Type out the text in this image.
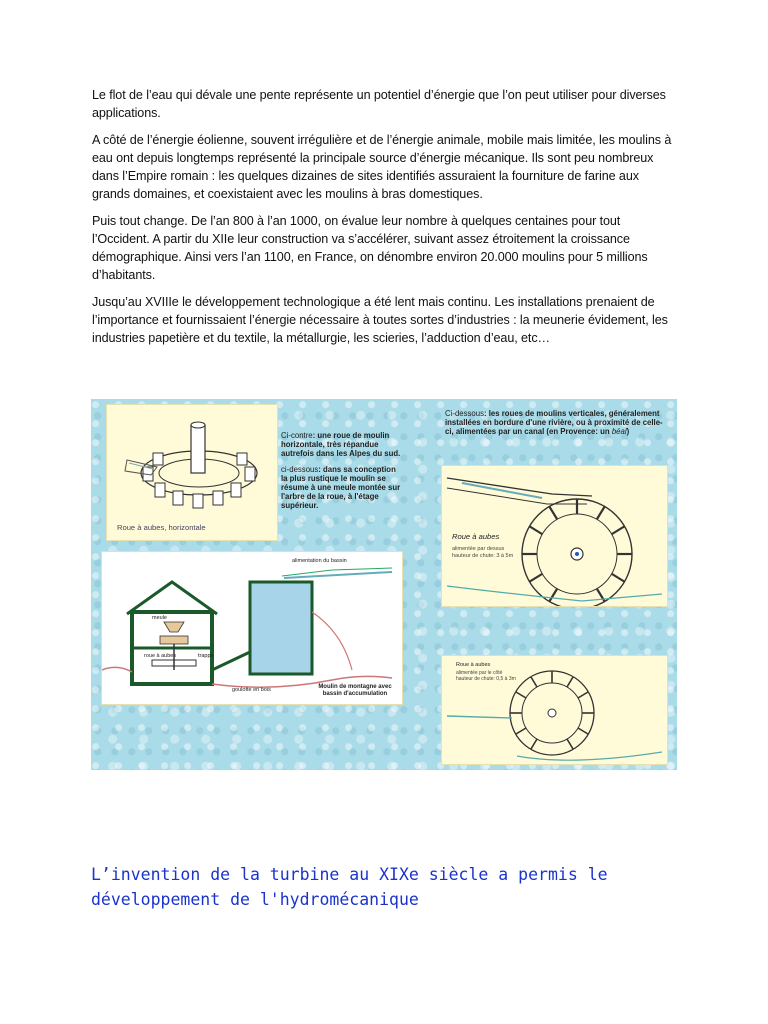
Le flot de l’eau qui dévale une pente représente un potentiel d’énergie que l’on peut utiliser pour diverses applications.

A côté de l’énergie éolienne, souvent irrégulière et de l’énergie animale, mobile mais limitée, les moulins à eau ont depuis longtemps représenté la principale source d’énergie mécanique. Ils sont peu nombreux dans l’Empire romain : les quelques dizaines de sites identifiés assuraient la fourniture de farine aux grands domaines, et coexistaient avec les moulins à bras domestiques.

Puis tout change. De l’an 800 à l’an 1000, on évalue leur nombre à quelques centaines pour tout l’Occident. A partir du XIIe leur construction va s’accélérer, suivant assez étroitement la croissance démographique. Ainsi vers l’an 1100, en France, on dénombre environ 20.000 moulins pour 5 millions d’habitants.

Jusqu’au XVIIIe le développement technologique a été lent mais continu. Les installations prenaient de l’importance et fournissaient l’énergie nécessaire à toutes sortes d’industries : la meunerie évidement, les industries papetière et du textile, la métallurgie, les scieries, l’adduction d’eau, etc…

Roue à aubes, horizontale
Ci-contre: une roue de moulin horizontale, très répandue autrefois dans les Alpes du sud.
ci-dessous: dans sa conception la plus rustique le moulin se résume à une meule montée sur l'arbre de la roue, à l'étage supérieur.
Ci-dessous: les roues de moulins verticales, généralement installées en bordure d'une rivière, ou à proximité de celle-ci, alimentées par un canal (en Provence: un béal)
Roue à aubes
alimentée par dessus hauteur de chute: 3 à 5m
Roue à aubes
alimentée par le côté hauteur de chute: 0,5 à 3m
alimentation du bassin
meule
roue à aubes	trappe
goulotte en bois	Moulin de montagne avec bassin d'accumulation
L’invention de la turbine au XIXe siècle a permis le développement de l'hydromécanique
